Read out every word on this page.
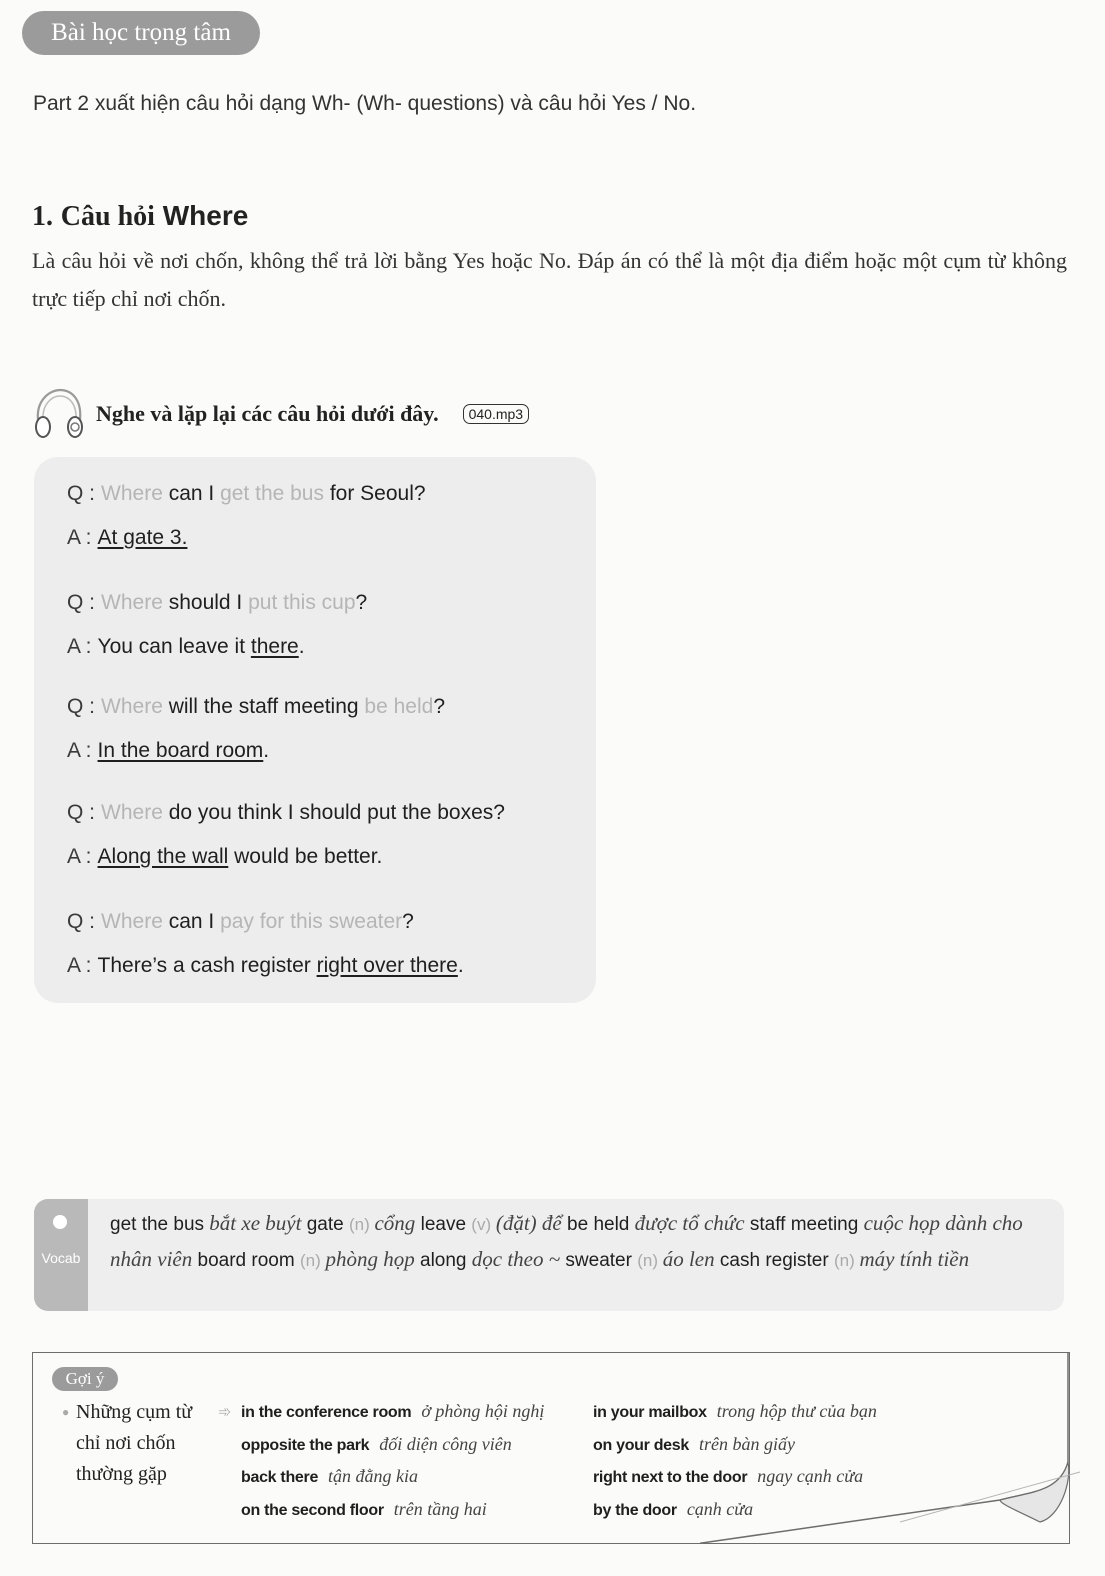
Bài học trọng tâm
Part 2 xuất hiện câu hỏi dạng Wh- (Wh- questions) và câu hỏi Yes / No.
1. Câu hỏi Where
Là câu hỏi về nơi chốn, không thể trả lời bằng Yes hoặc No. Đáp án có thể là một địa điểm hoặc một cụm từ không trực tiếp chỉ nơi chốn.
Nghe và lặp lại các câu hỏi dưới đây.	040.mp3
Q : Where can I get the bus for Seoul?
A : At gate 3.
Q : Where should I put this cup?
A : You can leave it there.
Q : Where will the staff meeting be held?
A : In the board room.
Q : Where do you think I should put the boxes?
A : Along the wall would be better.
Q : Where can I pay for this sweater?
A : There’s a cash register right over there.
Vocab
get the bus bắt xe buýt gate (n) cổng leave (v) (đặt) để be held được tổ chức staff meeting cuộc họp dành cho nhân viên board room (n) phòng họp along dọc theo ~ sweater (n) áo len cash register (n) máy tính tiền
Gợi ý
● Những cụm từ
chỉ nơi chốn
thường gặp
➾ in the conference room ở phòng hội nghị
opposite the park đối diện công viên
back there tận đằng kia
on the second floor trên tầng hai
in your mailbox trong hộp thư của bạn
on your desk trên bàn giấy
right next to the door ngay cạnh cửa
by the door cạnh cửa
